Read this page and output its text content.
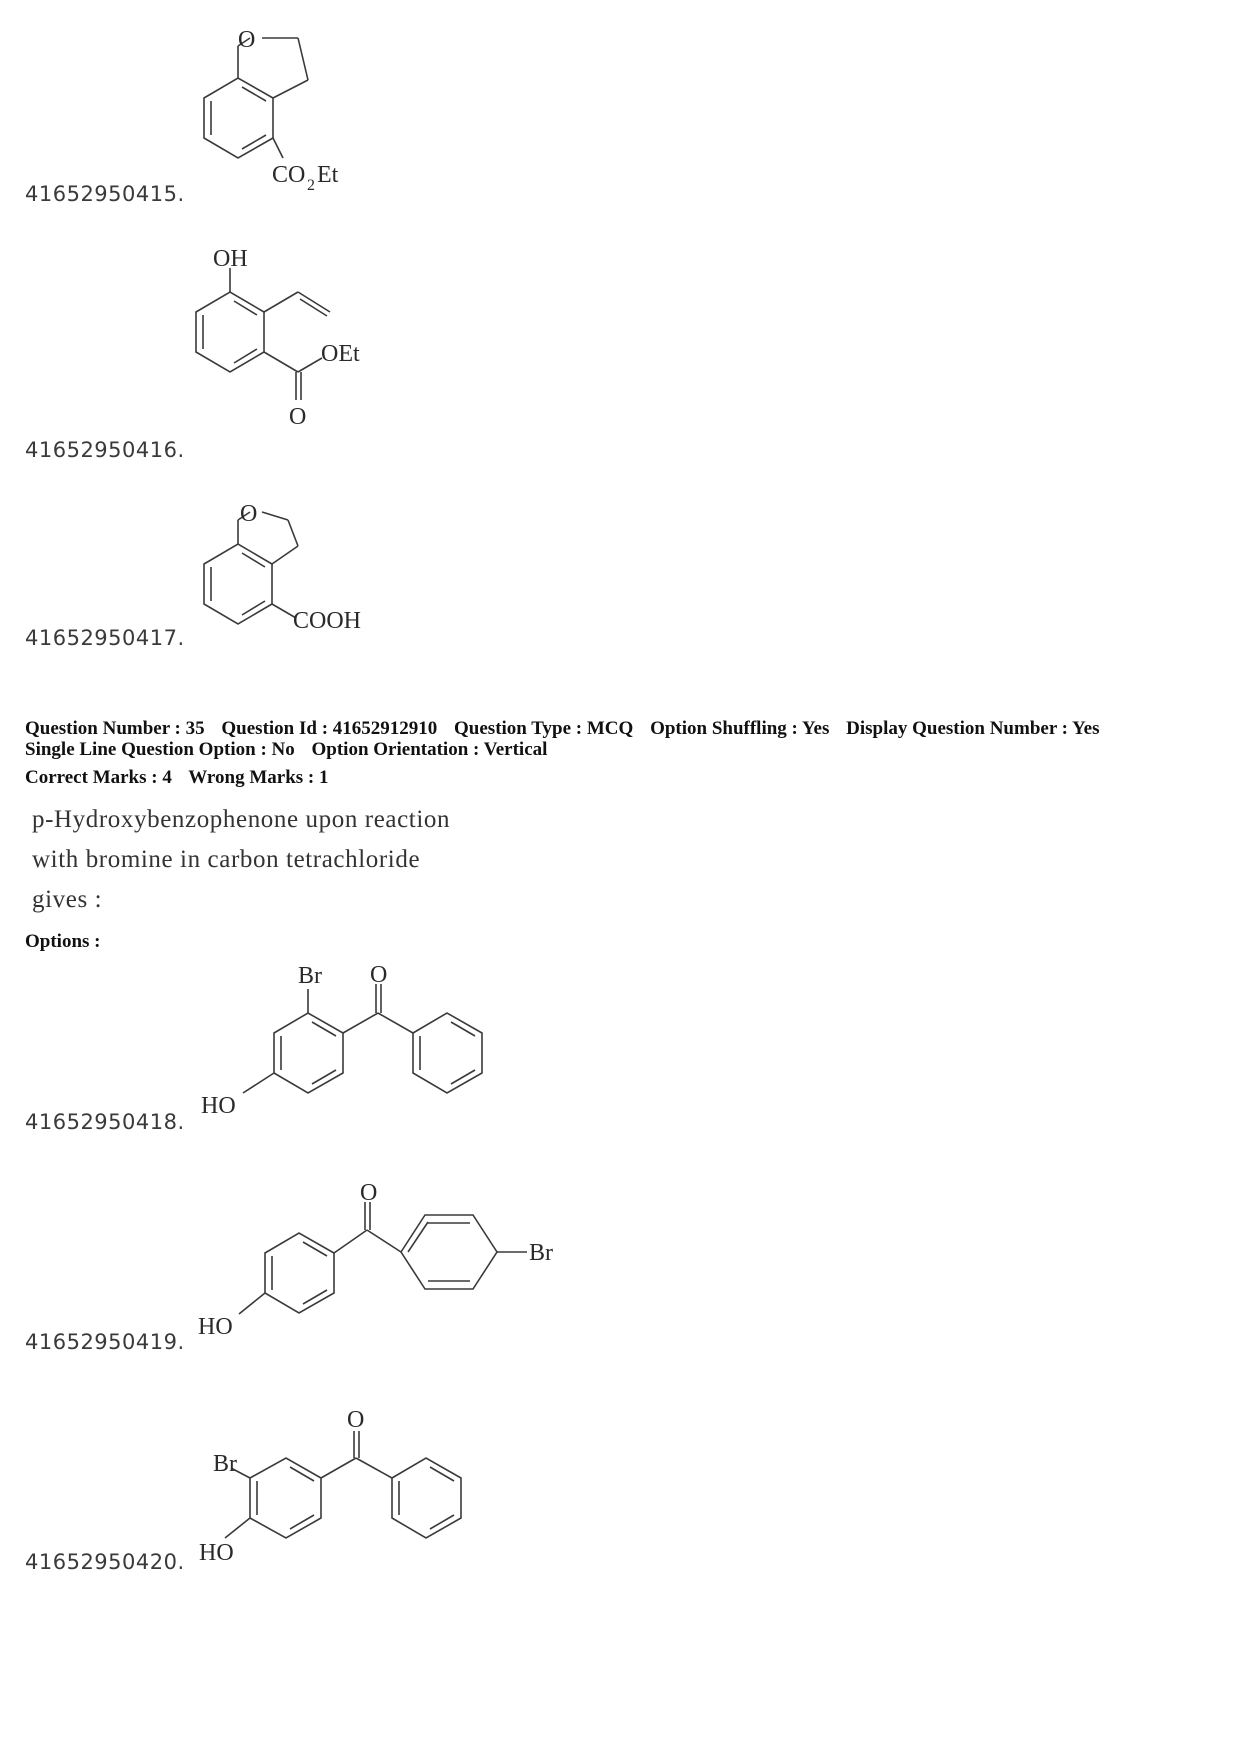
41652950415.
O
CO 2 Et
41652950416.
OH
OEt
O
41652950417.
O
COOH
Question Number : 35 Question Id : 41652912910 Question Type : MCQ Option Shuffling : Yes Display Question Number : Yes
Single Line Question Option : No Option Orientation : Vertical
Correct Marks : 4 Wrong Marks : 1
p-Hydroxybenzophenone upon reaction
with bromine in carbon tetrachloride
gives :
Options :
41652950418.
Br O
HO
41652950419.
O
Br
HO
41652950420.
O
Br
HO
